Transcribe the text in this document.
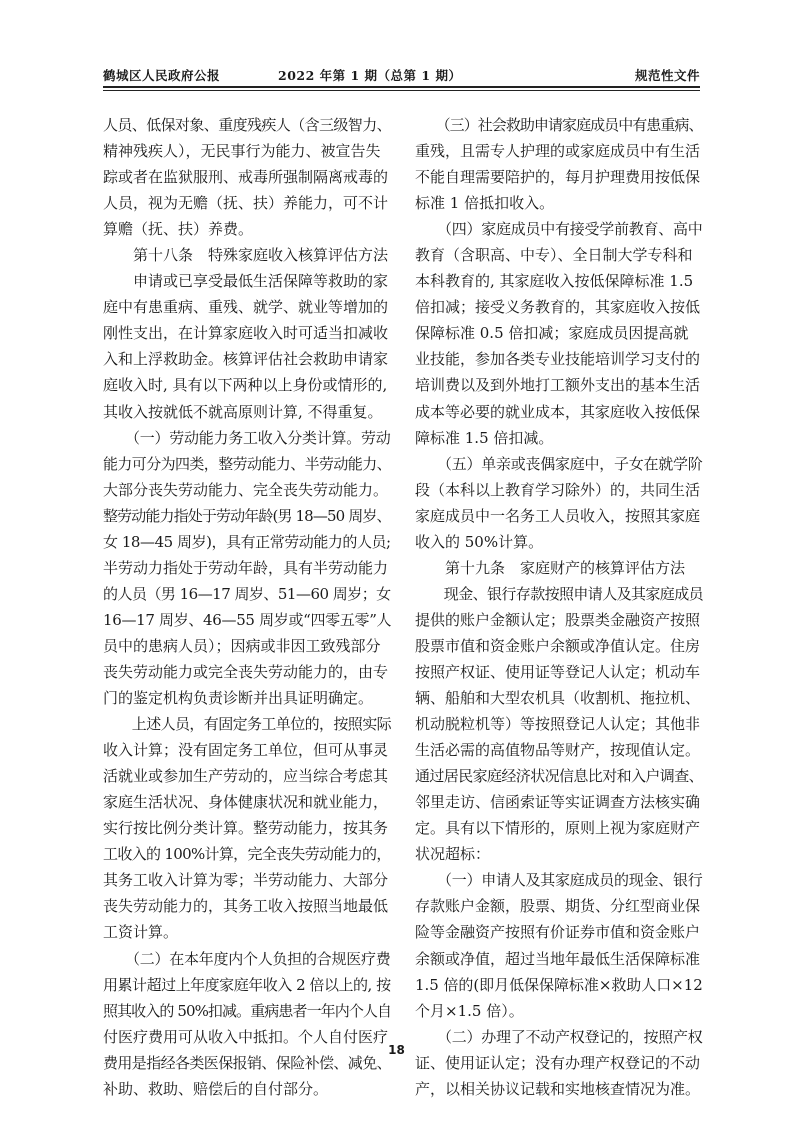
鹤城区人民政府公报	2022 年第 1 期（总第 1 期）	规范性文件
人员、低保对象、重度残疾人（含三级智力、
精神残疾人），无民事行为能力、被宣告失
踪或者在监狱服刑、戒毒所强制隔离戒毒的
人员，视为无赡（抚、扶）养能力，可不计
算赡（抚、扶）养费。
　　第十八条　特殊家庭收入核算评估方法
　　申请或已享受最低生活保障等救助的家
庭中有患重病、重残、就学、就业等增加的
刚性支出，在计算家庭收入时可适当扣减收
入和上浮救助金。核算评估社会救助申请家
庭收入时, 具有以下两种以上身份或情形的,
其收入按就低不就高原则计算, 不得重复。
　　（一）劳动能力务工收入分类计算。劳动
能力可分为四类，整劳动能力、半劳动能力、
大部分丧失劳动能力、完全丧失劳动能力。
整劳动能力指处于劳动年龄(男 18—50 周岁、
女 18—45 周岁)，具有正常劳动能力的人员;
半劳动力指处于劳动年龄，具有半劳动能力
的人员（男 16—17 周岁、51—60 周岁；女
16—17 周岁、46—55 周岁或“四零五零”人
员中的患病人员）；因病或非因工致残部分
丧失劳动能力或完全丧失劳动能力的，由专
门的鉴定机构负责诊断并出具证明确定。
　　上述人员，有固定务工单位的，按照实际
收入计算；没有固定务工单位，但可从事灵
活就业或参加生产劳动的，应当综合考虑其
家庭生活状况、身体健康状况和就业能力，
实行按比例分类计算。整劳动能力，按其务
工收入的 100%计算，完全丧失劳动能力的，
其务工收入计算为零；半劳动能力、大部分
丧失劳动能力的，其务工收入按照当地最低
工资计算。
　　（二）在本年度内个人负担的合规医疗费
用累计超过上年度家庭年收入 2 倍以上的, 按
照其收入的 50%扣减。重病患者一年内个人自
付医疗费用可从收入中抵扣。个人自付医疗
费用是指经各类医保报销、保险补偿、减免、
补助、救助、赔偿后的自付部分。
　　（三）社会救助申请家庭成员中有患重病、
重残，且需专人护理的或家庭成员中有生活
不能自理需要陪护的，每月护理费用按低保
标准 1 倍抵扣收入。
　　（四）家庭成员中有接受学前教育、高中
教育（含职高、中专）、全日制大学专科和
本科教育的, 其家庭收入按低保障标准 1.5
倍扣减；接受义务教育的，其家庭收入按低
保障标准 0.5 倍扣减；家庭成员因提高就
业技能，参加各类专业技能培训学习支付的
培训费以及到外地打工额外支出的基本生活
成本等必要的就业成本，其家庭收入按低保
障标准 1.5 倍扣减。
　　（五）单亲或丧偶家庭中，子女在就学阶
段（本科以上教育学习除外）的，共同生活
家庭成员中一名务工人员收入，按照其家庭
收入的 50%计算。
　　第十九条　家庭财产的核算评估方法
　　现金、银行存款按照申请人及其家庭成员
提供的账户金额认定；股票类金融资产按照
股票市值和资金账户余额或净值认定。住房
按照产权证、使用证等登记人认定；机动车
辆、船舶和大型农机具（收割机、拖拉机、
机动脱粒机等）等按照登记人认定；其他非
生活必需的高值物品等财产，按现值认定。
通过居民家庭经济状况信息比对和入户调查、
邻里走访、信函索证等实证调查方法核实确
定。具有以下情形的，原则上视为家庭财产
状况超标：
　　（一）申请人及其家庭成员的现金、银行
存款账户金额，股票、期货、分红型商业保
险等金融资产按照有价证券市值和资金账户
余额或净值，超过当地年最低生活保障标准
1.5 倍的(即月低保保障标准×救助人口×12
个月×1.5 倍）。
　　（二）办理了不动产权登记的，按照产权
证、使用证认定；没有办理产权登记的不动
产，以相关协议记载和实地核查情况为准。
18
